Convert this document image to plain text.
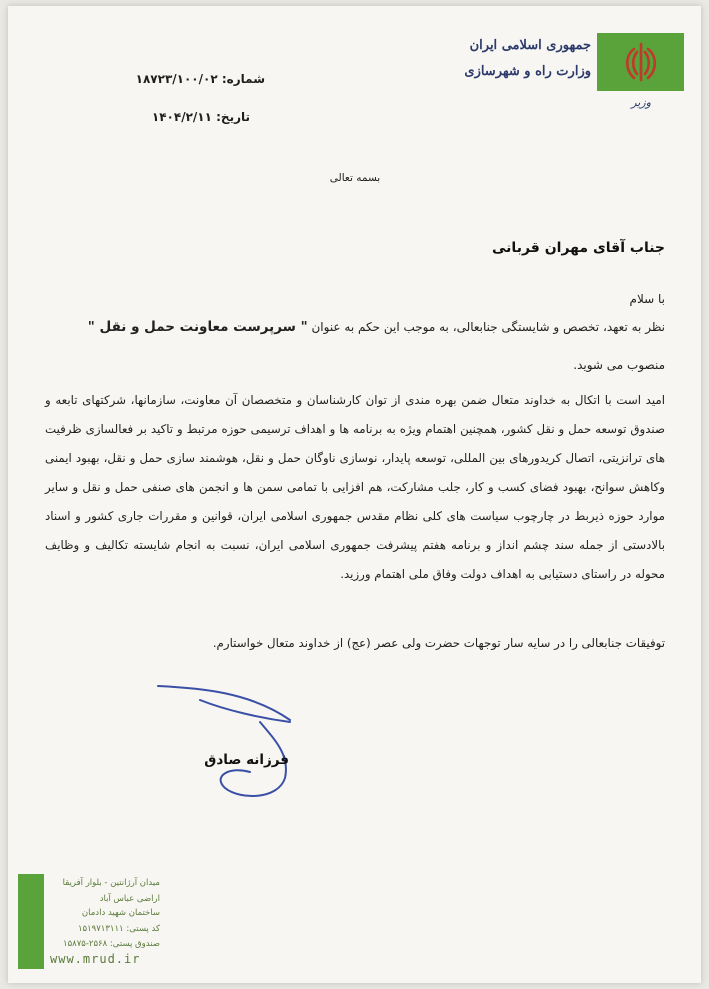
جمهوری اسلامی ایران
وزارت راه و شهرسازی
وزیر
شماره: ۱۸۷۲۳/۱۰۰/۰۲
تاریخ: ۱۴۰۴/۲/۱۱
بسمه تعالی
جناب آقای مهران قربانی
با سلام
نظر به تعهد، تخصص و شایستگی جنابعالی، به موجب این حکم به عنوان " سرپرست معاونت حمل و نقل "
منصوب می شوید.
امید است با اتکال به خداوند متعال ضمن بهره مندی از توان کارشناسان و متخصصان آن معاونت، سازمانها، شرکتهای تابعه و صندوق توسعه حمل و نقل کشور، همچنین اهتمام ویژه به برنامه ها و اهداف ترسیمی حوزه مرتبط و تاکید بر فعالسازی ظرفیت های ترانزیتی، اتصال کریدورهای بین المللی، توسعه پایدار، نوسازی ناوگان حمل و نقل، هوشمند سازی حمل و نقل، بهبود ایمنی وکاهش سوانح، بهبود فضای کسب و کار، جلب مشارکت، هم افزایی با تمامی سمن ها و انجمن های صنفی حمل و نقل و سایر موارد حوزه ذیربط در چارچوب سیاست های کلی نظام مقدس جمهوری اسلامی ایران، قوانین و مقررات جاری کشور و اسناد بالادستی از جمله سند چشم انداز و برنامه هفتم پیشرفت جمهوری اسلامی ایران، نسبت به انجام شایسته تکالیف و وظایف محوله در راستای دستیابی به اهداف دولت وفاق ملی اهتمام ورزید.
توفیقات جنابعالی را در سایه سار توجهات حضرت ولی عصر (عج) از خداوند متعال خواستارم.
فرزانه صادق
میدان آرژانتین - بلوار آفریقا
اراضی عباس آباد
ساختمان شهید دادمان
کد پستی: ۱۵۱۹۷۱۳۱۱۱
صندوق پستی: ۲۵۶۸-۱۵۸۷۵
www.mrud.ir
